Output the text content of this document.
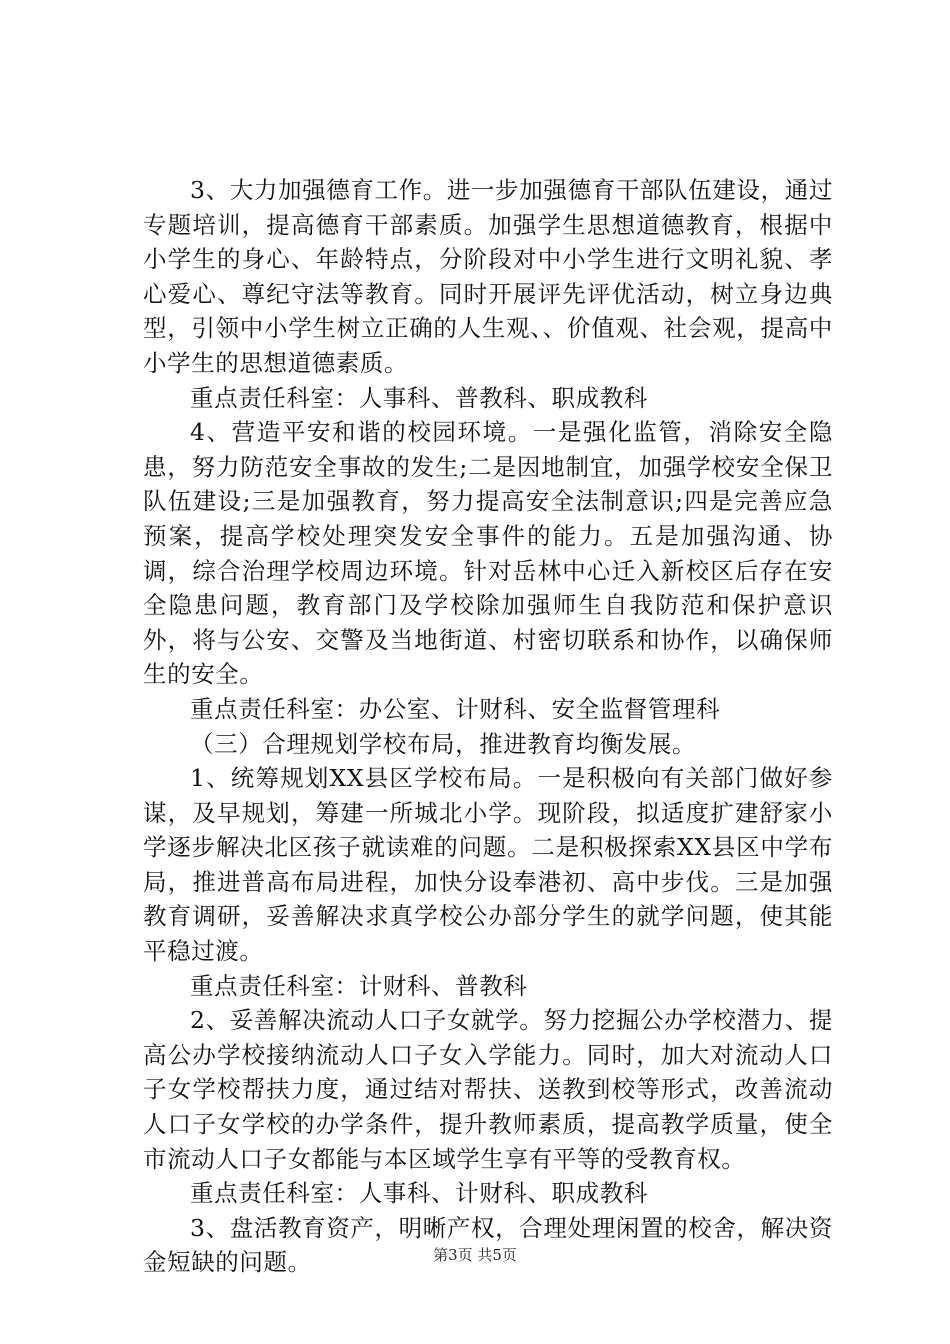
3、大力加强德育工作。进一步加强德育干部队伍建设，通过专题培训，提高德育干部素质。加强学生思想道德教育，根据中小学生的身心、年龄特点，分阶段对中小学生进行文明礼貌、孝心爱心、尊纪守法等教育。同时开展评先评优活动，树立身边典型，引领中小学生树立正确的人生观、、价值观、社会观，提高中小学生的思想道德素质。

重点责任科室：人事科、普教科、职成教科

4、营造平安和谐的校园环境。一是强化监管，消除安全隐患，努力防范安全事故的发生;二是因地制宜，加强学校安全保卫队伍建设;三是加强教育，努力提高安全法制意识;四是完善应急预案，提高学校处理突发安全事件的能力。五是加强沟通、协调，综合治理学校周边环境。针对岳林中心迁入新校区后存在安全隐患问题，教育部门及学校除加强师生自我防范和保护意识外，将与公安、交警及当地街道、村密切联系和协作，以确保师生的安全。

重点责任科室：办公室、计财科、安全监督管理科

（三）合理规划学校布局，推进教育均衡发展。

1、统筹规划XX县区学校布局。一是积极向有关部门做好参谋，及早规划，筹建一所城北小学。现阶段，拟适度扩建舒家小学逐步解决北区孩子就读难的问题。二是积极探索XX县区中学布局，推进普高布局进程，加快分设奉港初、高中步伐。三是加强教育调研，妥善解决求真学校公办部分学生的就学问题，使其能平稳过渡。

重点责任科室：计财科、普教科

2、妥善解决流动人口子女就学。努力挖掘公办学校潜力、提高公办学校接纳流动人口子女入学能力。同时，加大对流动人口子女学校帮扶力度，通过结对帮扶、送教到校等形式，改善流动人口子女学校的办学条件，提升教师素质，提高教学质量，使全市流动人口子女都能与本区域学生享有平等的受教育权。

重点责任科室：人事科、计财科、职成教科

3、盘活教育资产，明晰产权，合理处理闲置的校舍，解决资金短缺的问题。	第3页 共5页
